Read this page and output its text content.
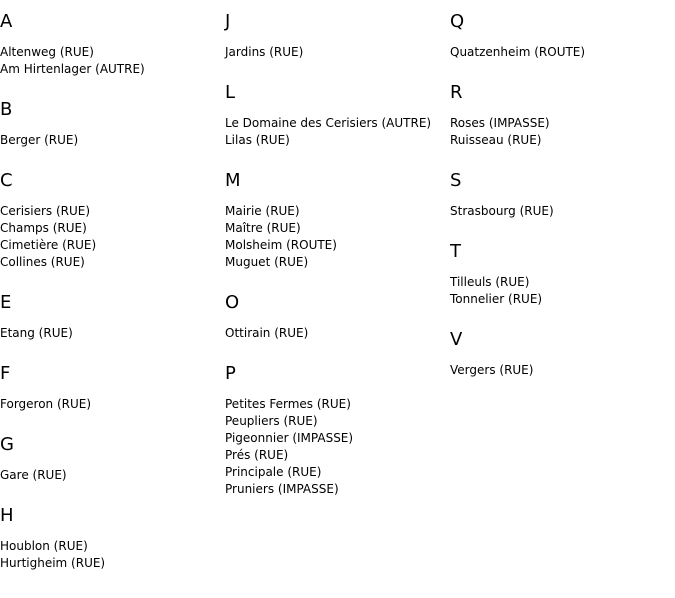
A
Altenweg (RUE)
Am Hirtenlager (AUTRE)
B
Berger (RUE)
C
Cerisiers (RUE)
Champs (RUE)
Cimetière (RUE)
Collines (RUE)
E
Etang (RUE)
F
Forgeron (RUE)
G
Gare (RUE)
H
Houblon (RUE)
Hurtigheim (RUE)
J
Jardins (RUE)
L
Le Domaine des Cerisiers (AUTRE)
Lilas (RUE)
M
Mairie (RUE)
Maître (RUE)
Molsheim (ROUTE)
Muguet (RUE)
O
Ottirain (RUE)
P
Petites Fermes (RUE)
Peupliers (RUE)
Pigeonnier (IMPASSE)
Prés (RUE)
Principale (RUE)
Pruniers (IMPASSE)
Q
Quatzenheim (ROUTE)
R
Roses (IMPASSE)
Ruisseau (RUE)
S
Strasbourg (RUE)
T
Tilleuls (RUE)
Tonnelier (RUE)
V
Vergers (RUE)
